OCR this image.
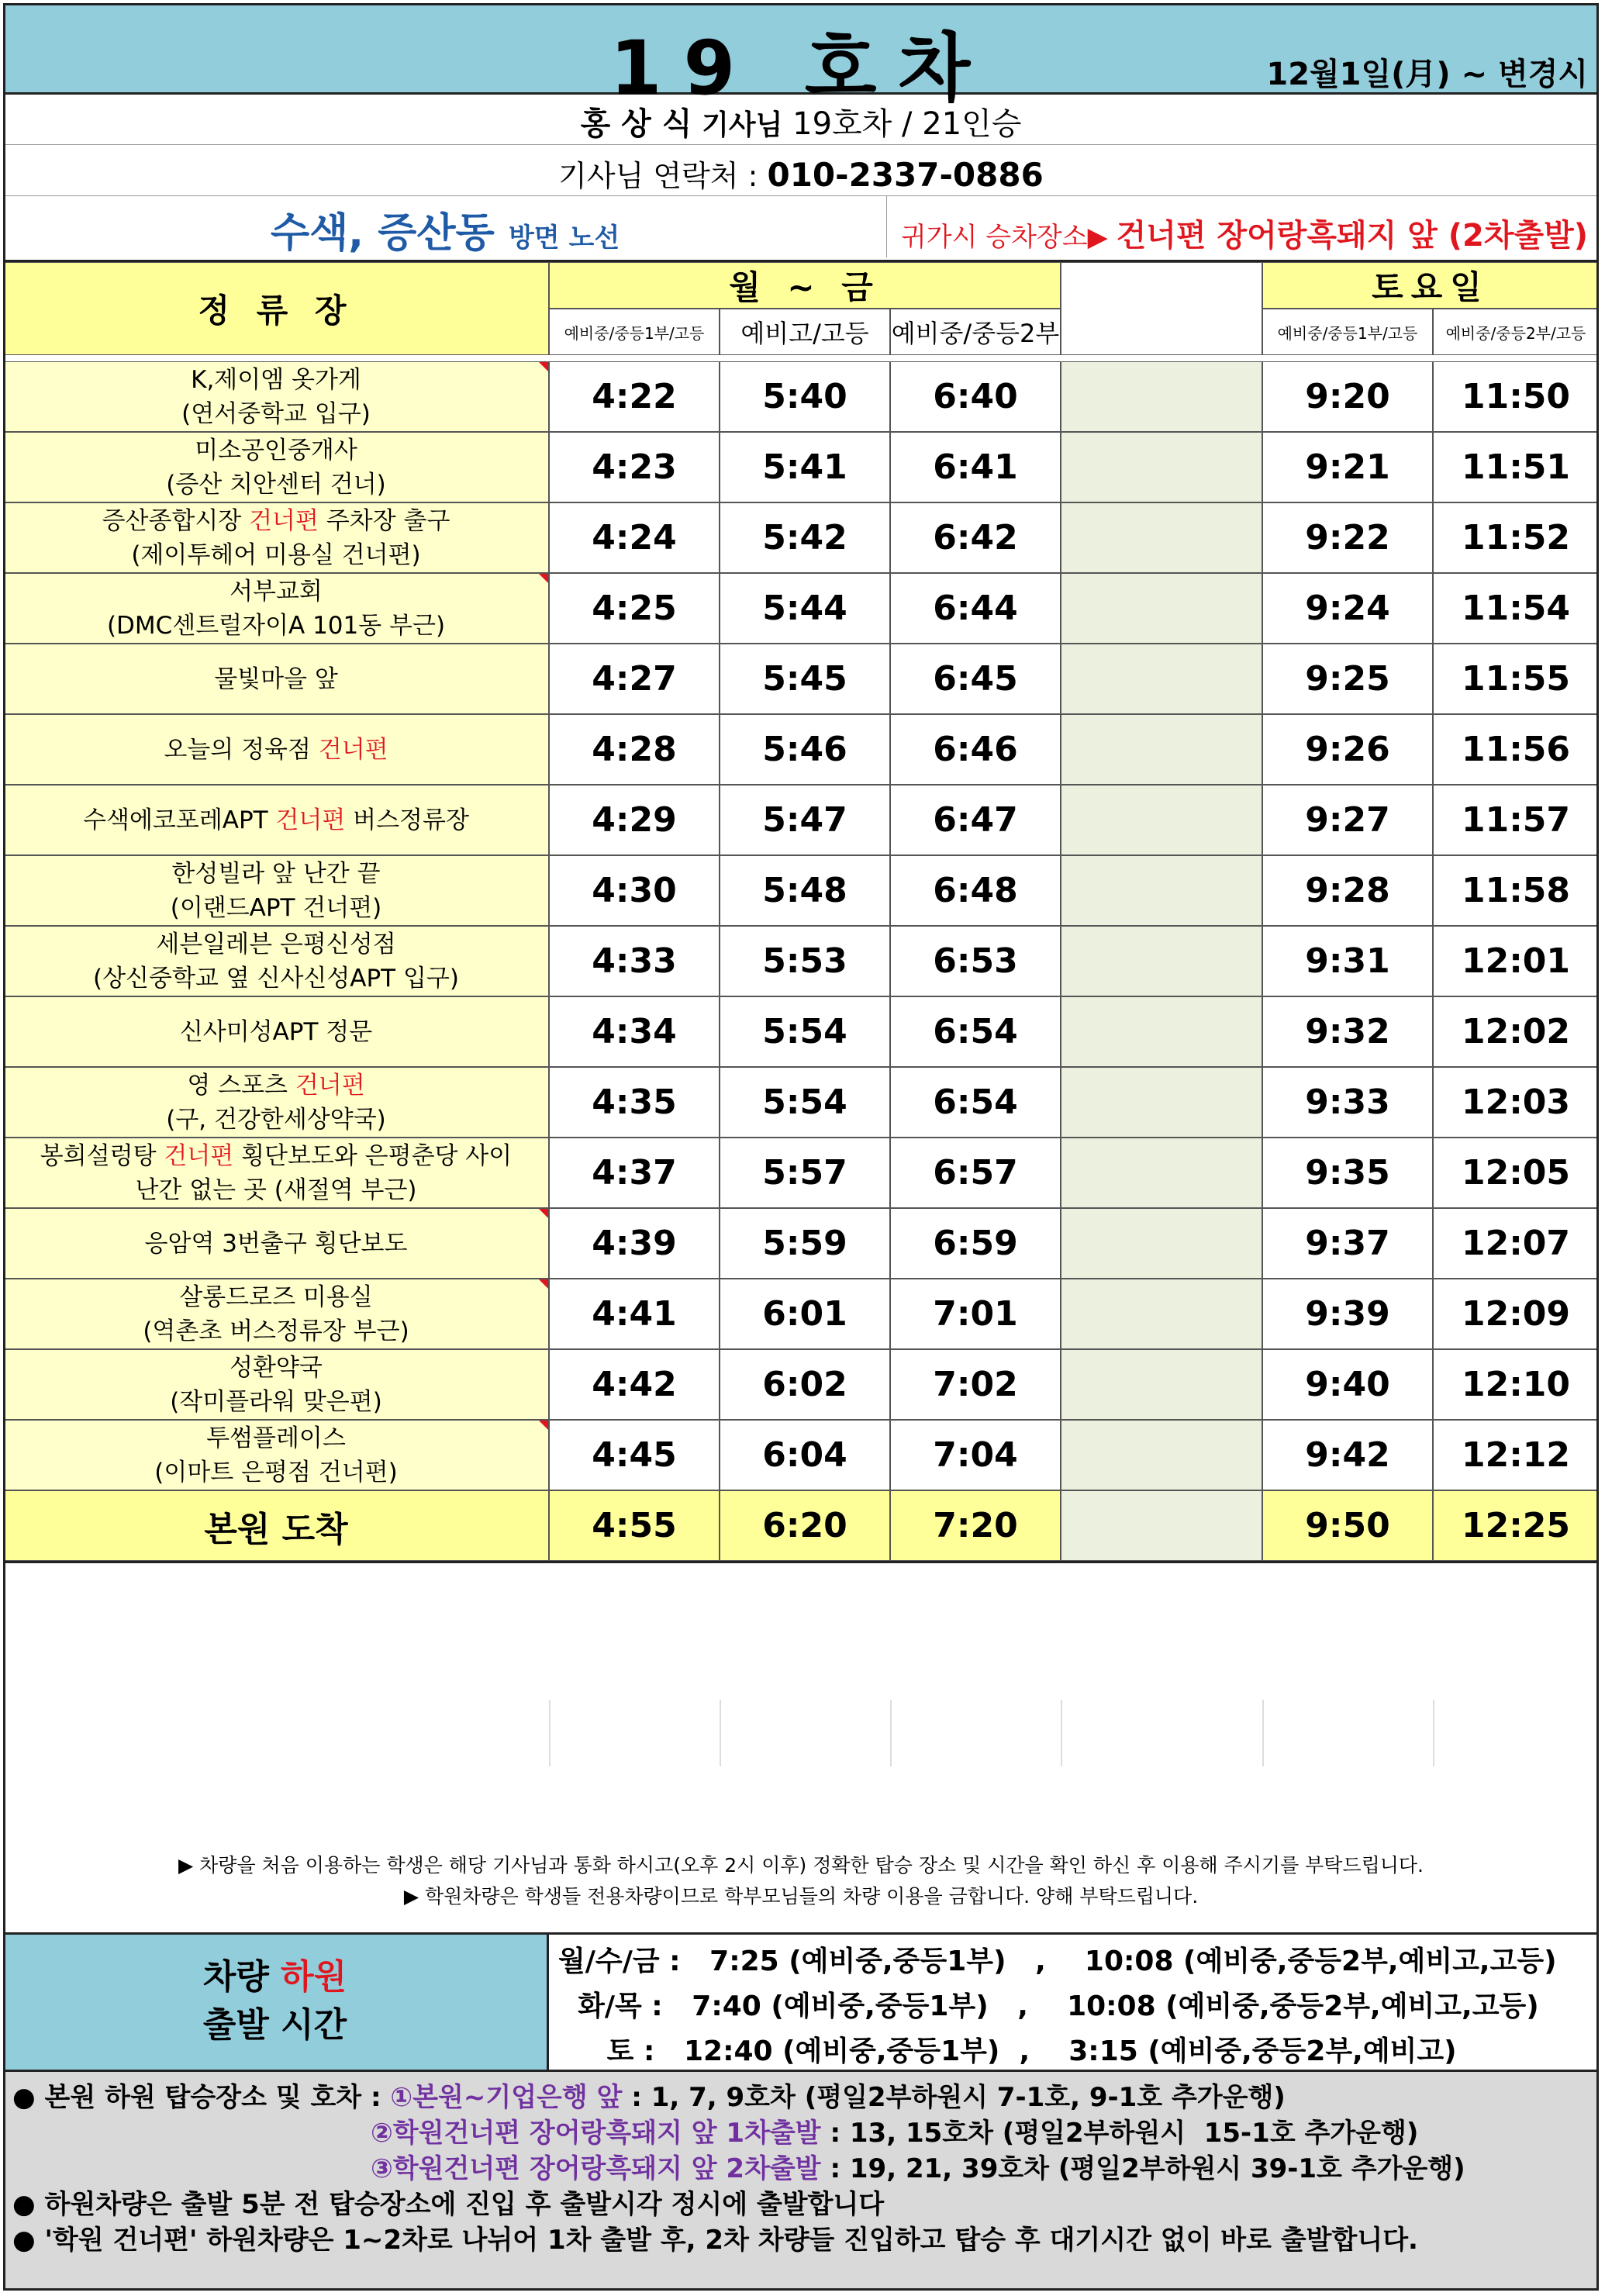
19 호차	12월1일(月) ~ 변경시
홍 상 식 기사님 19호차 / 21인승
기사님 연락처 : 010-2337-0886
수색, 증산동 방면 노선	귀가시 승차장소▶ 건너편 장어랑흑돼지 앞 (2차출발)
정 류 장
월 ~ 금	토요일
예비중/중등1부/고등 예비고/고등 예비중/중등2부	예비중/중등1부/고등 예비중/중등2부/고등
K,제이엠 옷가게
(연서중학교 입구)	4:22	5:40	6:40	9:20 11:50
미소공인중개사
(증산 치안센터 건너)	4:23	5:41	6:41	9:21 11:51
증산종합시장 건너편 주차장 출구
(제이투헤어 미용실 건너편)	4:24	5:42	6:42	9:22 11:52
서부교회
(DMC센트럴자이A 101동 부근)	4:25	5:44	6:44	9:24 11:54
물빛마을 앞	4:27	5:45	6:45	9:25 11:55
오늘의 정육점 건너편	4:28	5:46	6:46	9:26 11:56
수색에코포레APT 건너편 버스정류장	4:29	5:47	6:47	9:27 11:57
한성빌라 앞 난간 끝
(이랜드APT 건너편)	4:30	5:48	6:48	9:28 11:58
세븐일레븐 은평신성점
(상신중학교 옆 신사신성APT 입구)	4:33	5:53	6:53	9:31 12:01
신사미성APT 정문	4:34	5:54	6:54	9:32 12:02
영 스포츠 건너편
(구, 건강한세상약국)	4:35	5:54	6:54	9:33 12:03
봉희설렁탕 건너편 횡단보도와 은평춘당 사이
난간 없는 곳 (새절역 부근)	4:37	5:57	6:57	9:35 12:05
응암역 3번출구 횡단보도	4:39	5:59	6:59	9:37 12:07
살롱드로즈 미용실
(역촌초 버스정류장 부근)	4:41	6:01	7:01	9:39 12:09
성환약국
(작미플라워 맞은편)	4:42	6:02	7:02	9:40 12:10
투썸플레이스
(이마트 은평점 건너편)	4:45	6:04	7:04	9:42 12:12
본원 도착	4:55	6:20	7:20	9:50 12:25
▶ 차량을 처음 이용하는 학생은 해당 기사님과 통화 하시고(오후 2시 이후) 정확한 탑승 장소 및 시간을 확인 하신 후 이용해 주시기를 부탁드립니다.
▶ 학원차량은 학생들 전용차량이므로 학부모님들의 차량 이용을 금합니다. 양해 부탁드립니다.
차량 하원
출발 시간
월/수/금 :   7:25 (예비중,중등1부)   ,    10:08 (예비중,중등2부,예비고,고등)
화/목 :   7:40 (예비중,중등1부)   ,    10:08 (예비중,중등2부,예비고,고등)
토 :   12:40 (예비중,중등1부)  ,    3:15 (예비중,중등2부,예비고)
● 본원 하원 탑승장소 및 호차 : ①본원~기업은행 앞 : 1, 7, 9호차 (평일2부하원시 7-1호, 9-1호 추가운행)
②학원건너편 장어랑흑돼지 앞 1차출발 : 13, 15호차 (평일2부하원시  15-1호 추가운행)
③학원건너편 장어랑흑돼지 앞 2차출발 : 19, 21, 39호차 (평일2부하원시 39-1호 추가운행)
● 하원차량은 출발 5분 전 탑승장소에 진입 후 출발시각 정시에 출발합니다
● '학원 건너편' 하원차량은 1~2차로 나뉘어 1차 출발 후, 2차 차량들 진입하고 탑승 후 대기시간 없이 바로 출발합니다.
